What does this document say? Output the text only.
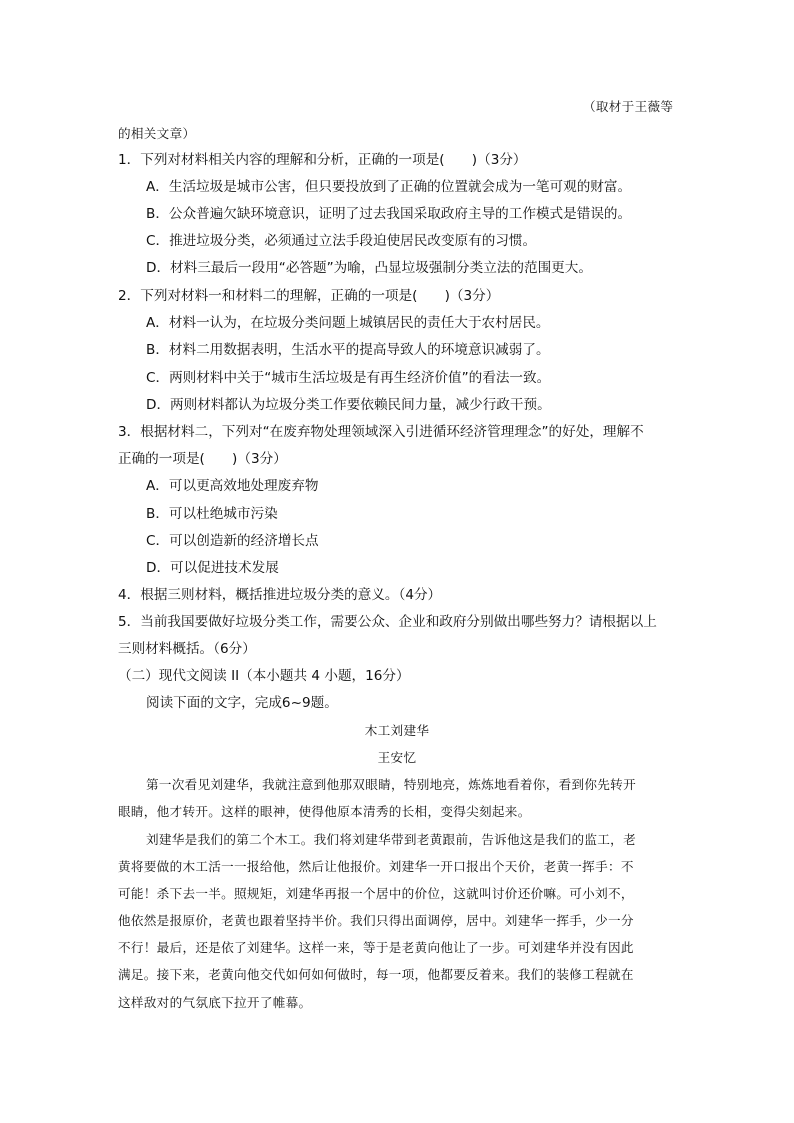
（取材于王薇等
的相关文章）
1．下列对材料相关内容的理解和分析，正确的一项是(　　)（3分）
A．生活垃圾是城市公害，但只要投放到了正确的位置就会成为一笔可观的财富。
B．公众普遍欠缺环境意识，证明了过去我国采取政府主导的工作模式是错误的。
C．推进垃圾分类，必须通过立法手段迫使居民改变原有的习惯。
D．材料三最后一段用“必答题”为喻，凸显垃圾强制分类立法的范围更大。
2．下列对材料一和材料二的理解，正确的一项是(　　)（3分）
A．材料一认为，在垃圾分类问题上城镇居民的责任大于农村居民。
B．材料二用数据表明，生活水平的提高导致人的环境意识减弱了。
C．两则材料中关于“城市生活垃圾是有再生经济价值”的看法一致。
D．两则材料都认为垃圾分类工作要依赖民间力量，减少行政干预。
3．根据材料二，下列对“在废弃物处理领域深入引进循环经济管理理念”的好处，理解不
正确的一项是(　　)（3分）
A．可以更高效地处理废弃物
B．可以杜绝城市污染
C．可以创造新的经济增长点
D．可以促进技术发展
4．根据三则材料，概括推进垃圾分类的意义。（4分）
5．当前我国要做好垃圾分类工作，需要公众、企业和政府分别做出哪些努力？请根据以上
三则材料概括。（6分）
（二）现代文阅读 II（本小题共 4 小题，16分）
阅读下面的文字，完成6~9题。
木工刘建华
王安忆
第一次看见刘建华，我就注意到他那双眼睛，特别地亮，炼炼地看着你，看到你先转开
眼睛，他才转开。这样的眼神，使得他原本清秀的长相，变得尖刻起来。
刘建华是我们的第二个木工。我们将刘建华带到老黄跟前，告诉他这是我们的监工，老
黄将要做的木工活一一报给他，然后让他报价。刘建华一开口报出个天价，老黄一挥手：不
可能！杀下去一半。照规矩，刘建华再报一个居中的价位，这就叫讨价还价嘛。可小刘不，
他依然是报原价，老黄也跟着坚持半价。我们只得出面调停，居中。刘建华一挥手，少一分
不行！最后，还是依了刘建华。这样一来，等于是老黄向他让了一步。可刘建华并没有因此
满足。接下来，老黄向他交代如何如何做时，每一项，他都要反着来。我们的装修工程就在
这样敌对的气氛底下拉开了帷幕。
